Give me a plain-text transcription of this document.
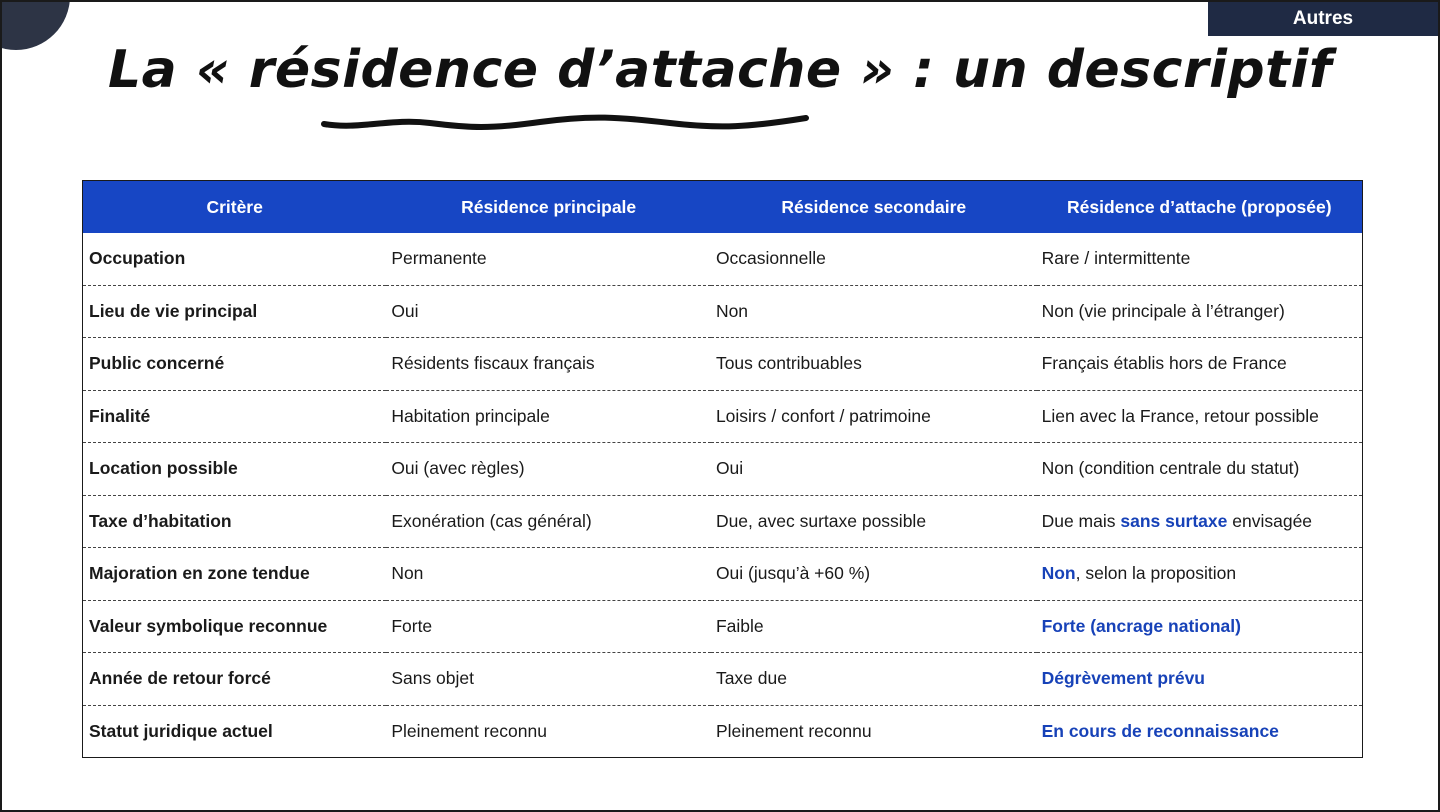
Autres
La « résidence d’attache » : un descriptif
Critère	Résidence principale	Résidence secondaire	Résidence d’attache (proposée)
Occupation	Permanente	Occasionnelle	Rare / intermittente
Lieu de vie principal	Oui	Non	Non (vie principale à l’étranger)
Public concerné	Résidents fiscaux français	Tous contribuables	Français établis hors de France
Finalité	Habitation principale	Loisirs / confort / patrimoine	Lien avec la France, retour possible
Location possible	Oui (avec règles)	Oui	Non (condition centrale du statut)
Taxe d’habitation	Exonération (cas général)	Due, avec surtaxe possible	Due mais sans surtaxe envisagée
Majoration en zone tendue	Non	Oui (jusqu’à +60 %)	Non, selon la proposition
Valeur symbolique reconnue	Forte	Faible	Forte (ancrage national)
Année de retour forcé	Sans objet	Taxe due	Dégrèvement prévu
Statut juridique actuel	Pleinement reconnu	Pleinement reconnu	En cours de reconnaissance
